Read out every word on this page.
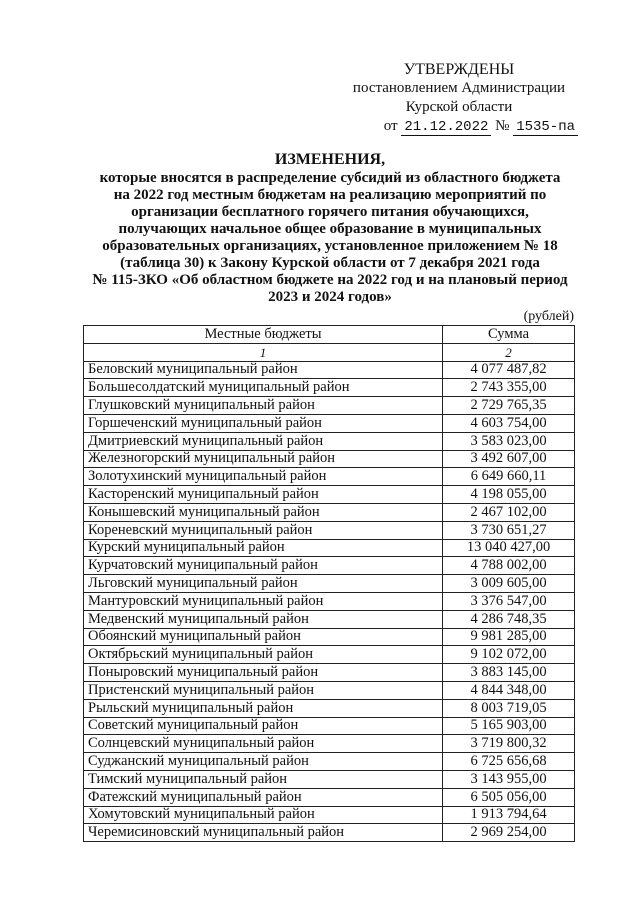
УТВЕРЖДЕНЫ
постановлением Администрации
Курской области
от 21.12.2022 № 1535-па
ИЗМЕНЕНИЯ,
которые вносятся в распределение субсидий из областного бюджета
на 2022 год местным бюджетам на реализацию мероприятий по
организации бесплатного горячего питания обучающихся,
получающих начальное общее образование в муниципальных
образовательных организациях, установленное приложением № 18
(таблица 30) к Закону Курской области от 7 декабря 2021 года
№ 115-ЗКО «Об областном бюджете на 2022 год и на плановый период
2023 и 2024 годов»
(рублей)
Местные бюджеты	Сумма
1	2
Беловский муниципальный район	4 077 487,82
Большесолдатский муниципальный район	2 743 355,00
Глушковский муниципальный район	2 729 765,35
Горшеченский муниципальный район	4 603 754,00
Дмитриевский муниципальный район	3 583 023,00
Железногорский муниципальный район	3 492 607,00
Золотухинский муниципальный район	6 649 660,11
Касторенский муниципальный район	4 198 055,00
Конышевский муниципальный район	2 467 102,00
Кореневский муниципальный район	3 730 651,27
Курский муниципальный район	13 040 427,00
Курчатовский муниципальный район	4 788 002,00
Льговский муниципальный район	3 009 605,00
Мантуровский муниципальный район	3 376 547,00
Медвенский муниципальный район	4 286 748,35
Обоянский муниципальный район	9 981 285,00
Октябрьский муниципальный район	9 102 072,00
Поныровский муниципальный район	3 883 145,00
Пристенский муниципальный район	4 844 348,00
Рыльский муниципальный район	8 003 719,05
Советский муниципальный район	5 165 903,00
Солнцевский муниципальный район	3 719 800,32
Суджанский муниципальный район	6 725 656,68
Тимский муниципальный район	3 143 955,00
Фатежский муниципальный район	6 505 056,00
Хомутовский муниципальный район	1 913 794,64
Черемисиновский муниципальный район	2 969 254,00
